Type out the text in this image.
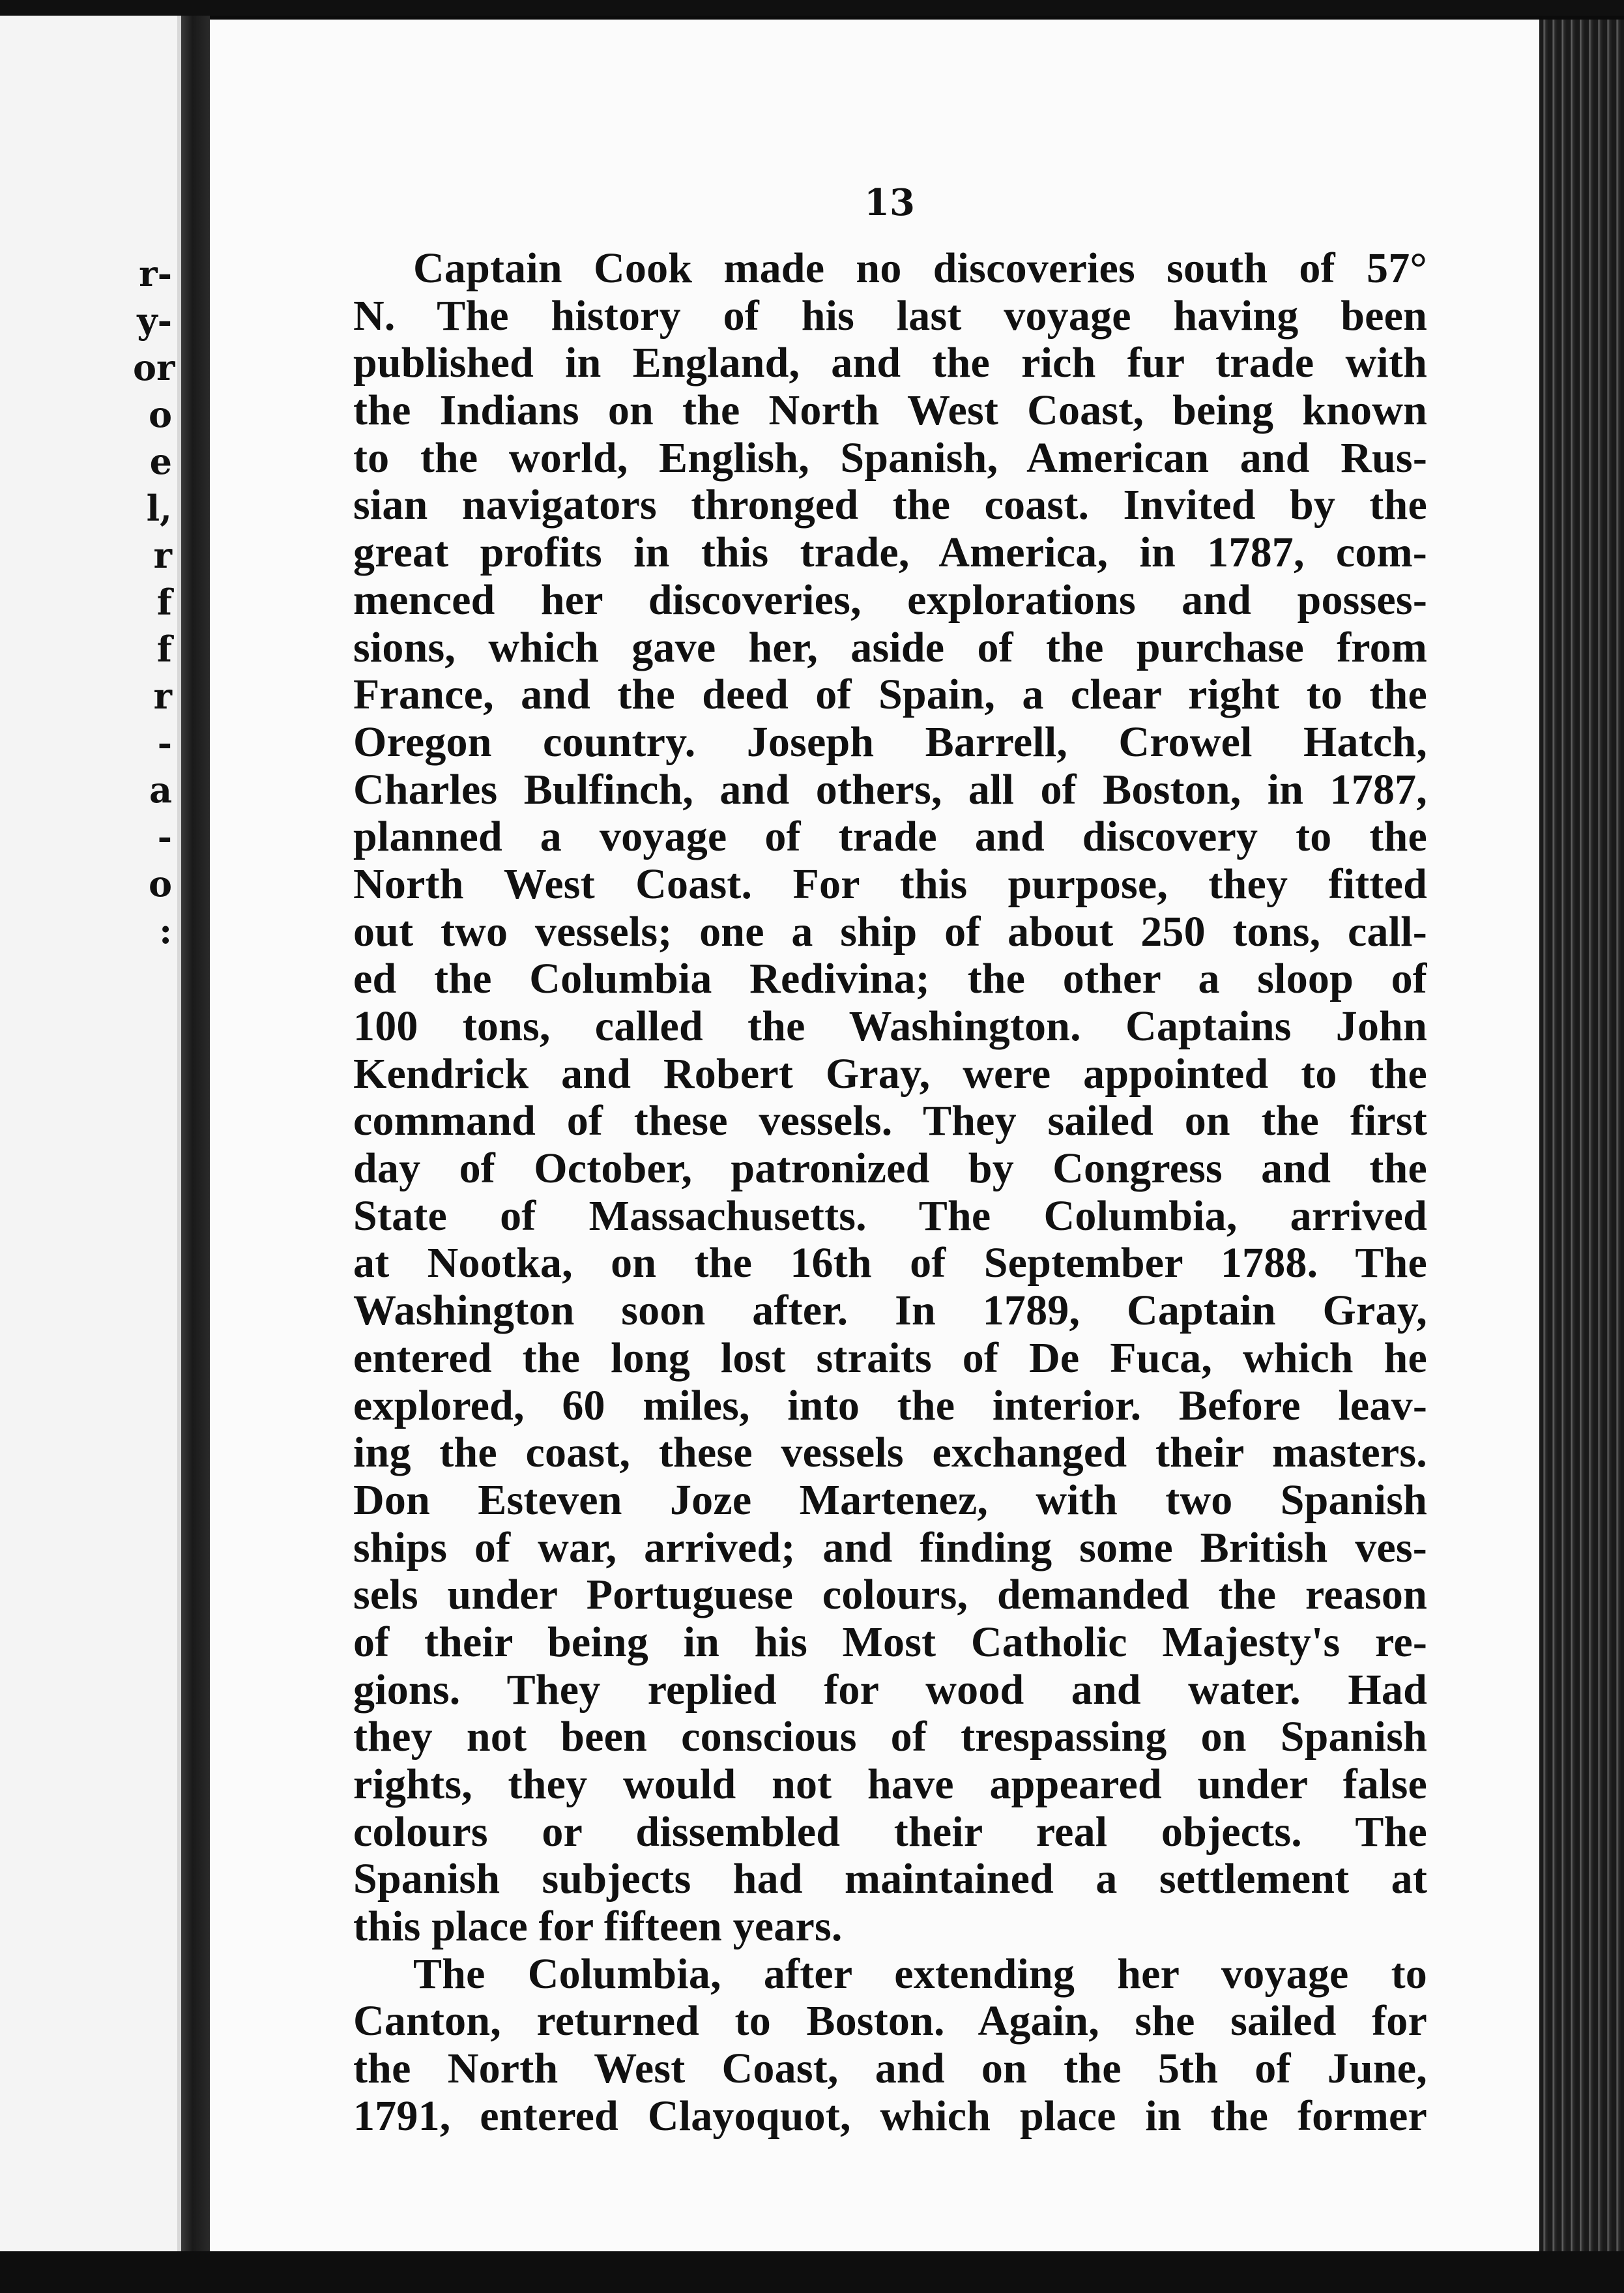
r-
y-
or
o
e
l,
r
f
f
r
-
a
-
o
:
13
Captain Cook made no discoveries south of 57°
N. The history of his last voyage having been
published in England, and the rich fur trade with
the Indians on the North West Coast, being known
to the world, English, Spanish, American and Rus-
sian navigators thronged the coast. Invited by the
great profits in this trade, America, in 1787, com-
menced her discoveries, explorations and posses-
sions, which gave her, aside of the purchase from
France, and the deed of Spain, a clear right to the
Oregon country. Joseph Barrell, Crowel Hatch,
Charles Bulfinch, and others, all of Boston, in 1787,
planned a voyage of trade and discovery to the
North West Coast. For this purpose, they fitted
out two vessels; one a ship of about 250 tons, call-
ed the Columbia Redivina; the other a sloop of
100 tons, called the Washington. Captains John
Kendrick and Robert Gray, were appointed to the
command of these vessels. They sailed on the first
day of October, patronized by Congress and the
State of Massachusetts. The Columbia, arrived
at Nootka, on the 16th of September 1788. The
Washington soon after. In 1789, Captain Gray,
entered the long lost straits of De Fuca, which he
explored, 60 miles, into the interior. Before leav-
ing the coast, these vessels exchanged their masters.
Don Esteven Joze Martenez, with two Spanish
ships of war, arrived; and finding some British ves-
sels under Portuguese colours, demanded the reason
of their being in his Most Catholic Majesty's re-
gions. They replied for wood and water. Had
they not been conscious of trespassing on Spanish
rights, they would not have appeared under false
colours or dissembled their real objects. The
Spanish subjects had maintained a settlement at
this place for fifteen years.
The Columbia, after extending her voyage to
Canton, returned to Boston. Again, she sailed for
the North West Coast, and on the 5th of June,
1791, entered Clayoquot, which place in the former
